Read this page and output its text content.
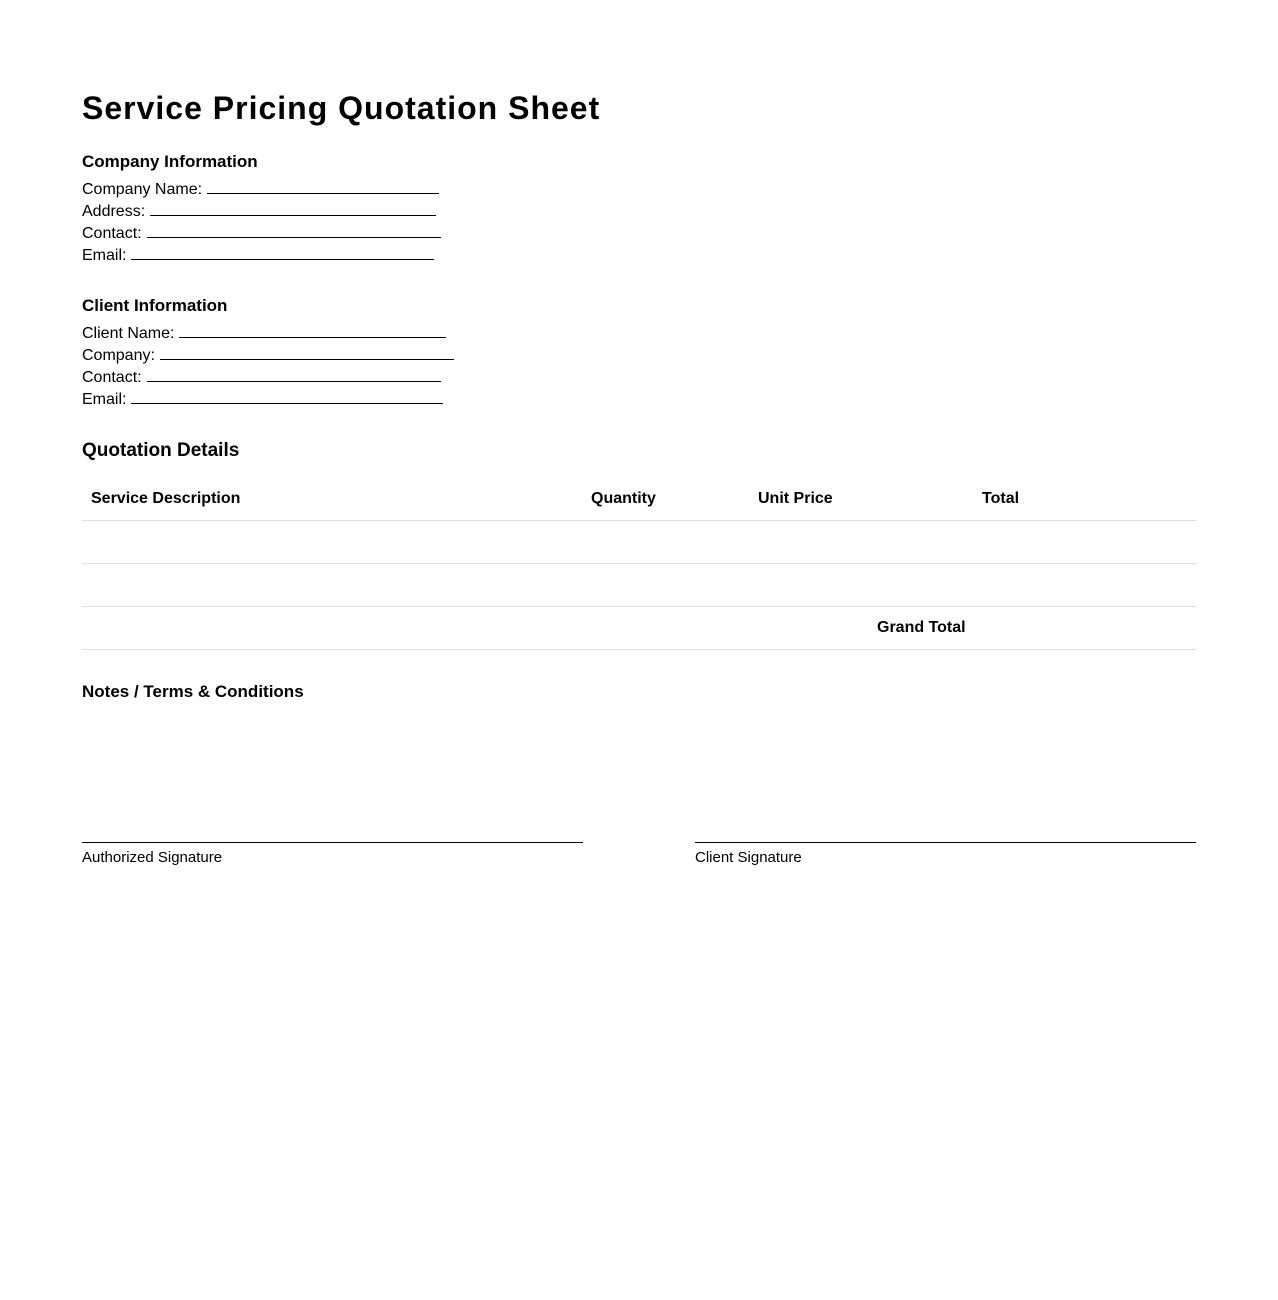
Service Pricing Quotation Sheet
Company Information
Company Name:
Address:
Contact:
Email:
Client Information
Client Name:
Company:
Contact:
Email:
Quotation Details
Service Description	Quantity	Unit Price	Total
Grand Total
Notes / Terms & Conditions
Authorized Signature	Client Signature
